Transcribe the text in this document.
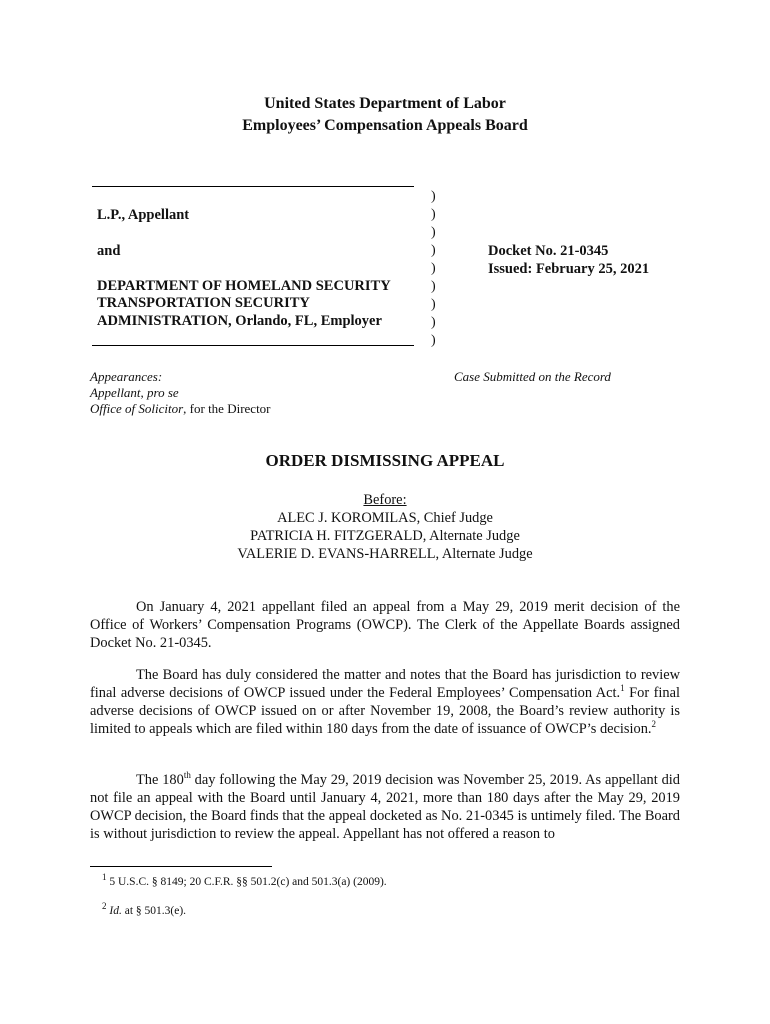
United States Department of Labor
Employees’ Compensation Appeals Board
L.P., Appellant
and
DEPARTMENT OF HOMELAND SECURITY
TRANSPORTATION SECURITY
ADMINISTRATION, Orlando, FL, Employer
)
)
)
)
)
)
)
)
)
Docket No. 21-0345
Issued: February 25, 2021
Appearances:
Appellant, pro se
Office of Solicitor, for the Director
Case Submitted on the Record
ORDER DISMISSING APPEAL
Before:
ALEC J. KOROMILAS, Chief Judge
PATRICIA H. FITZGERALD, Alternate Judge
VALERIE D. EVANS-HARRELL, Alternate Judge
On January 4, 2021 appellant filed an appeal from a May 29, 2019 merit decision of the Office of Workers’ Compensation Programs (OWCP). The Clerk of the Appellate Boards assigned Docket No. 21-0345.
The Board has duly considered the matter and notes that the Board has jurisdiction to review final adverse decisions of OWCP issued under the Federal Employees’ Compensation Act.$^1$ For final adverse decisions of OWCP issued on or after November 19, 2008, the Board’s review authority is limited to appeals which are filed within 180 days from the date of issuance of OWCP’s decision.$^2$
The 180th day following the May 29, 2019 decision was November 25, 2019. As appellant did not file an appeal with the Board until January 4, 2021, more than 180 days after the May 29, 2019 OWCP decision, the Board finds that the appeal docketed as No. 21-0345 is untimely filed. The Board is without jurisdiction to review the appeal. Appellant has not offered a reason to
$^1$ 5 U.S.C. § 8149; 20 C.F.R. §§ 501.2(c) and 501.3(a) (2009).
$^2$ Id. at § 501.3(e).
